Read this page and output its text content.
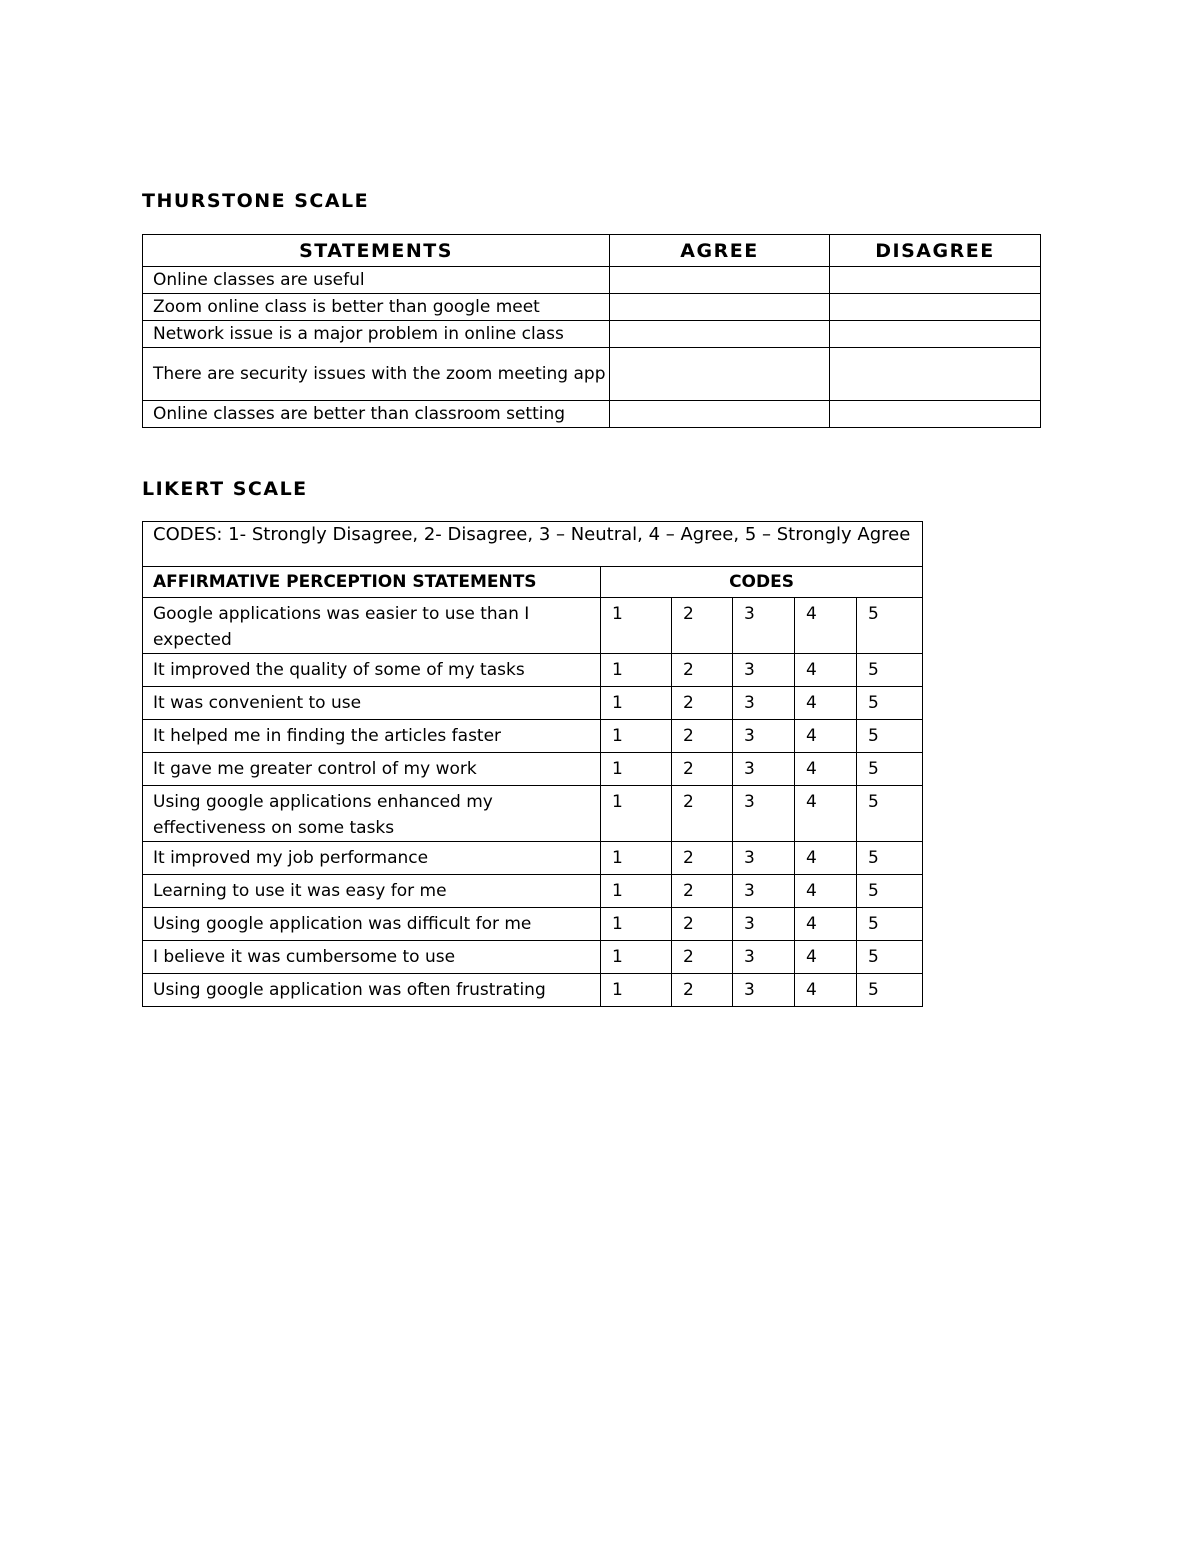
THURSTONE SCALE
STATEMENTS	AGREE	DISAGREE
Online classes are useful		
Zoom online class is better than google meet		
Network issue is a major problem in online class		
There are security issues with the zoom meeting app		
Online classes are better than classroom setting		
LIKERT SCALE
CODES: 1- Strongly Disagree, 2- Disagree, 3 – Neutral, 4 – Agree, 5 – Strongly Agree					
AFFIRMATIVE PERCEPTION STATEMENTS	CODES				
Google applications was easier to use than I expected	1	2	3	4	5
It improved the quality of some of my tasks	1	2	3	4	5
It was convenient to use	1	2	3	4	5
It helped me in finding the articles faster	1	2	3	4	5
It gave me greater control of my work	1	2	3	4	5
Using google applications enhanced my effectiveness on some tasks	1	2	3	4	5
It improved my job performance	1	2	3	4	5
Learning to use it was easy for me	1	2	3	4	5
Using google application was difficult for me	1	2	3	4	5
I believe it was cumbersome to use	1	2	3	4	5
Using google application was often frustrating	1	2	3	4	5
